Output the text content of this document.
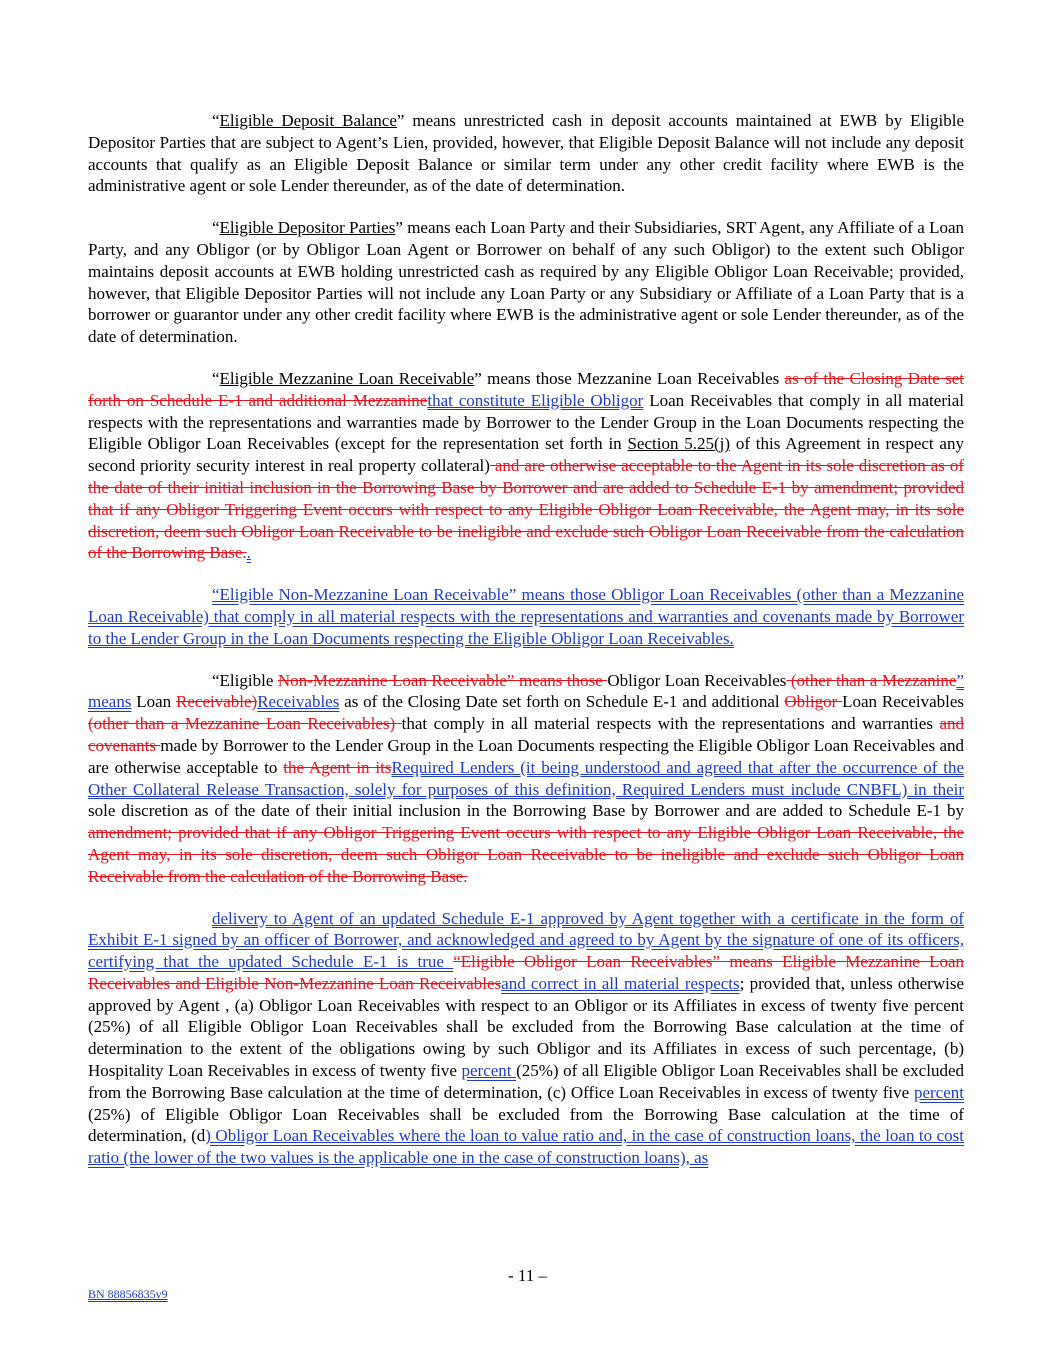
“Eligible Deposit Balance” means unrestricted cash in deposit accounts maintained at EWB by Eligible Depositor Parties that are subject to Agent’s Lien, provided, however, that Eligible Deposit Balance will not include any deposit accounts that qualify as an Eligible Deposit Balance or similar term under any other credit facility where EWB is the administrative agent or sole Lender thereunder, as of the date of determination.

“Eligible Depositor Parties” means each Loan Party and their Subsidiaries, SRT Agent, any Affiliate of a Loan Party, and any Obligor (or by Obligor Loan Agent or Borrower on behalf of any such Obligor) to the extent such Obligor maintains deposit accounts at EWB holding unrestricted cash as required by any Eligible Obligor Loan Receivable; provided, however, that Eligible Depositor Parties will not include any Loan Party or any Subsidiary or Affiliate of a Loan Party that is a borrower or guarantor under any other credit facility where EWB is the administrative agent or sole Lender thereunder, as of the date of determination.

“Eligible Mezzanine Loan Receivable” means those Mezzanine Loan Receivables as of the Closing Date set forth on Schedule E-1 and additional Mezzaninethat constitute Eligible Obligor Loan Receivables that comply in all material respects with the representations and warranties made by Borrower to the Lender Group in the Loan Documents respecting the Eligible Obligor Loan Receivables (except for the representation set forth in Section 5.25(j) of this Agreement in respect any second priority security interest in real property collateral) and are otherwise acceptable to the Agent in its sole discretion as of the date of their initial inclusion in the Borrowing Base by Borrower and are added to Schedule E-1 by amendment; provided that if any Obligor Triggering Event occurs with respect to any Eligible Obligor Loan Receivable, the Agent may, in its sole discretion, deem such Obligor Loan Receivable to be ineligible and exclude such Obligor Loan Receivable from the calculation of the Borrowing Base..

“Eligible Non-Mezzanine Loan Receivable” means those Obligor Loan Receivables (other than a Mezzanine Loan Receivable) that comply in all material respects with the representations and warranties and covenants made by Borrower to the Lender Group in the Loan Documents respecting the Eligible Obligor Loan Receivables.

“Eligible Non-Mezzanine Loan Receivable” means those Obligor Loan Receivables (other than a Mezzanine” means Loan Receivable)Receivables as of the Closing Date set forth on Schedule E-1 and additional Obligor Loan Receivables (other than a Mezzanine Loan Receivables) that comply in all material respects with the representations and warranties and covenants made by Borrower to the Lender Group in the Loan Documents respecting the Eligible Obligor Loan Receivables and are otherwise acceptable to the Agent in itsRequired Lenders (it being understood and agreed that after the occurrence of the Other Collateral Release Transaction, solely for purposes of this definition, Required Lenders must include CNBFL) in their sole discretion as of the date of their initial inclusion in the Borrowing Base by Borrower and are added to Schedule E-1 by amendment; provided that if any Obligor Triggering Event occurs with respect to any Eligible Obligor Loan Receivable, the Agent may, in its sole discretion, deem such Obligor Loan Receivable to be ineligible and exclude such Obligor Loan Receivable from the calculation of the Borrowing Base.

delivery to Agent of an updated Schedule E-1 approved by Agent together with a certificate in the form of Exhibit E-1 signed by an officer of Borrower, and acknowledged and agreed to by Agent by the signature of one of its officers, certifying that the updated Schedule E-1 is true “Eligible Obligor Loan Receivables” means Eligible Mezzanine Loan Receivables and Eligible Non-Mezzanine Loan Receivablesand correct in all material respects; provided that, unless otherwise approved by Agent , (a) Obligor Loan Receivables with respect to an Obligor or its Affiliates in excess of twenty five percent (25%) of all Eligible Obligor Loan Receivables shall be excluded from the Borrowing Base calculation at the time of determination to the extent of the obligations owing by such Obligor and its Affiliates in excess of such percentage, (b) Hospitality Loan Receivables in excess of twenty five percent (25%) of all Eligible Obligor Loan Receivables shall be excluded from the Borrowing Base calculation at the time of determination, (c) Office Loan Receivables in excess of twenty five percent (25%) of Eligible Obligor Loan Receivables shall be excluded from the Borrowing Base calculation at the time of determination, (d) Obligor Loan Receivables where the loan to value ratio and, in the case of construction loans, the loan to cost ratio (the lower of the two values is the applicable one in the case of construction loans), as

- 11 –
BN 88856835v9
